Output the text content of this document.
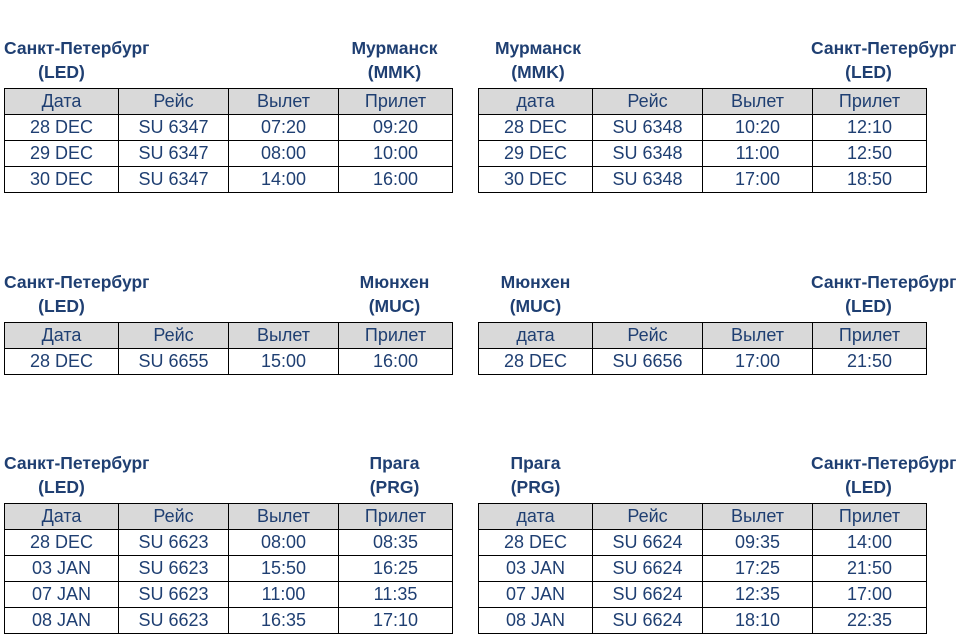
Санкт-Петербург
(LED)
Мурманск
(MMK)
Дата	Рейс	Вылет	Прилет
28 DEC	SU 6347	07:20	09:20
29 DEC	SU 6347	08:00	10:00
30 DEC	SU 6347	14:00	16:00
Мурманск
(MMK)
Санкт-Петербург
(LED)
дата	Рейс	Вылет	Прилет
28 DEC	SU 6348	10:20	12:10
29 DEC	SU 6348	11:00	12:50
30 DEC	SU 6348	17:00	18:50
Санкт-Петербург
(LED)
Мюнхен
(MUC)
Дата	Рейс	Вылет	Прилет
28 DEC	SU 6655	15:00	16:00
Мюнхен
(MUC)
Санкт-Петербург
(LED)
дата	Рейс	Вылет	Прилет
28 DEC	SU 6656	17:00	21:50
Санкт-Петербург
(LED)
Прага
(PRG)
Дата	Рейс	Вылет	Прилет
28 DEC	SU 6623	08:00	08:35
03 JAN	SU 6623	15:50	16:25
07 JAN	SU 6623	11:00	11:35
08 JAN	SU 6623	16:35	17:10
Прага
(PRG)
Санкт-Петербург
(LED)
дата	Рейс	Вылет	Прилет
28 DEC	SU 6624	09:35	14:00
03 JAN	SU 6624	17:25	21:50
07 JAN	SU 6624	12:35	17:00
08 JAN	SU 6624	18:10	22:35
